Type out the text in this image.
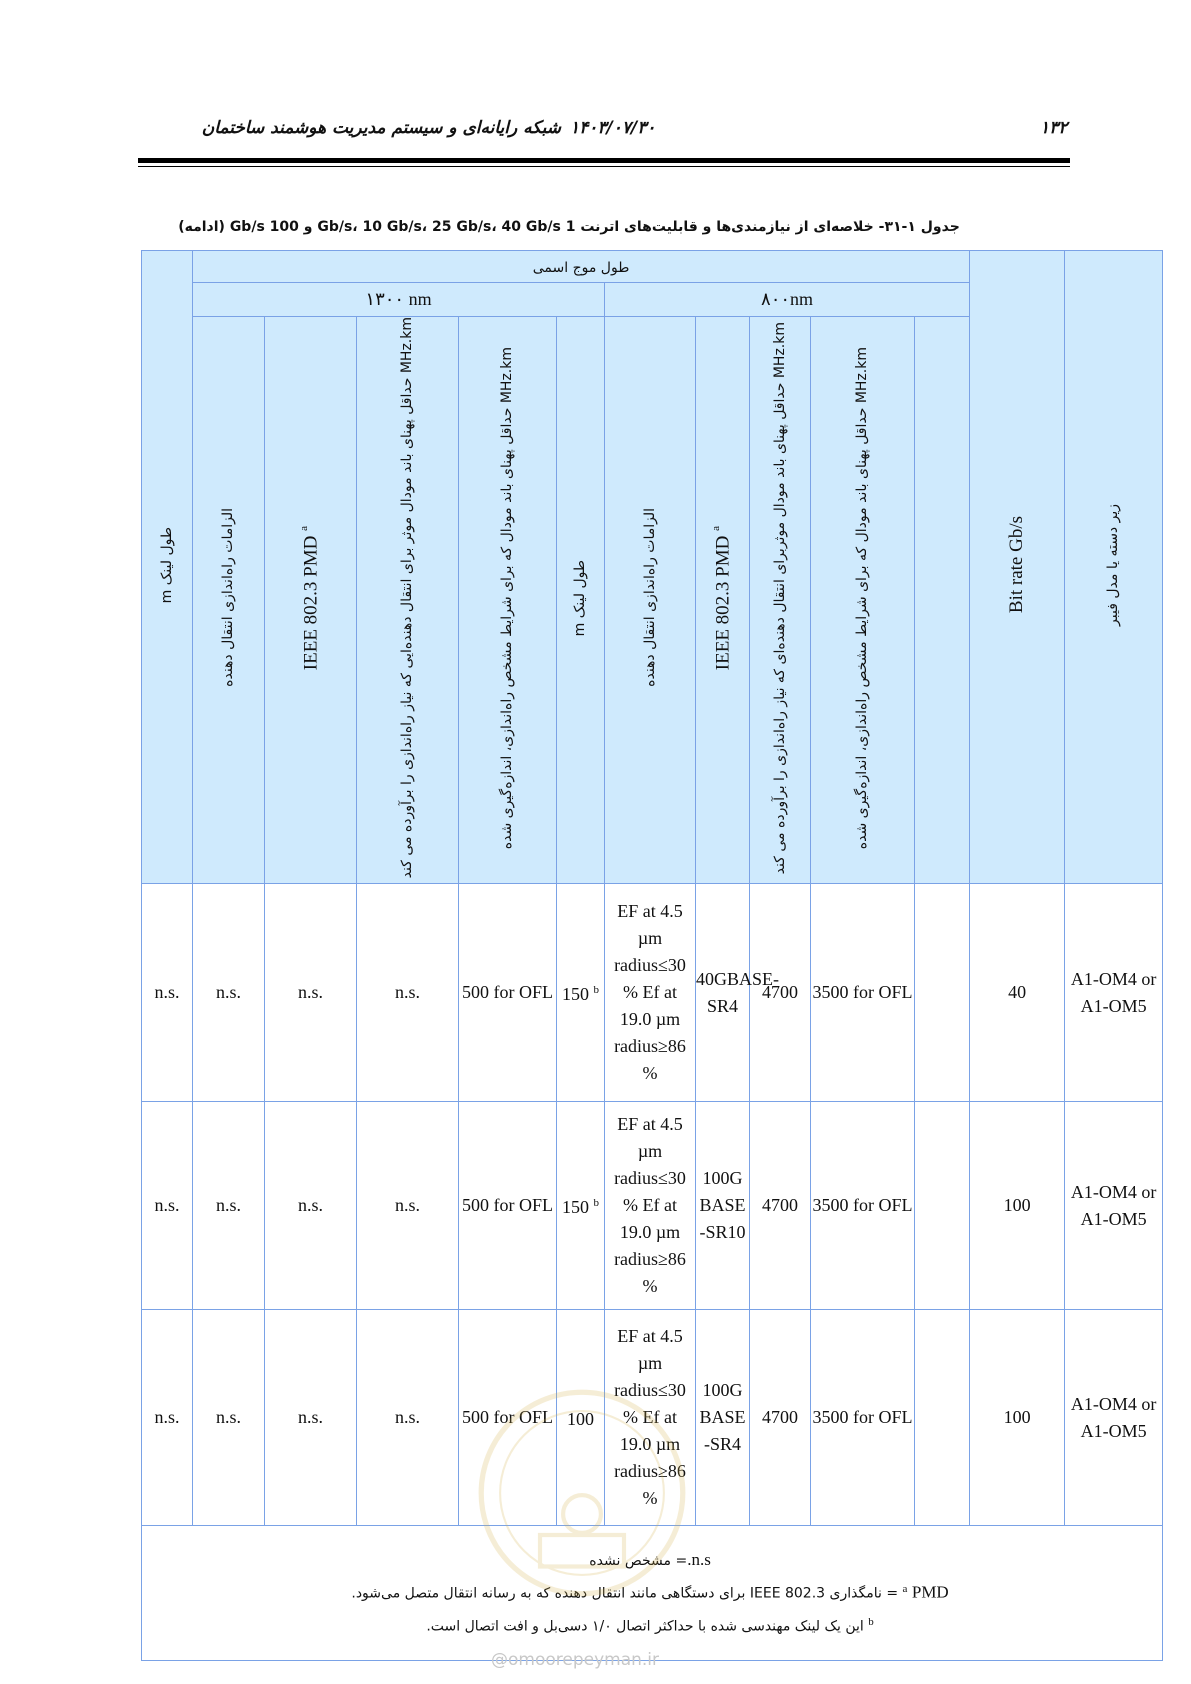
شبکه رایانه‌ای و سیستم مدیریت هوشمند ساختمان ۱۴۰۳/۰۷/۳۰	۱۳۲
جدول ۱-۳۱- خلاصه‌ای از نیازمندی‌ها و قابلیت‌های اترنت 1 Gb/s، 10 Gb/s، 25 Gb/s، 40 Gb/s و 100 Gb/s (ادامه)
m طول لینک	طول موج اسمی										Bit rate Gb/s	زیر دسته یا مدل فیبر
	۱۳۰۰ nm					۸۰۰nm						
	الزامات راه‌اندازی انتقال دهنده	IEEE 802.3 PMD $^a$	حداقل پهنای باند مودال موثر برای انتقال دهنده‌ایی که نیاز راه‌اندازی را برآورده می کند MHz.km	حداقل پهنای باند مودال که برای شرایط مشخص راه‌اندازی، اندازه‌گیری شده MHz.km	m طول لینک	الزامات راه‌اندازی انتقال دهنده	IEEE 802.3 PMD $^a$	حداقل پهنای باند مودال موثربرای انتقال دهنده‌ای که نیاز راه‌اندازی را برآورده می کند MHz.km	حداقل پهنای باند مودال که برای شرایط مشخص راه‌اندازی، اندازه‌گیری شده MHz.km			
n.s.	n.s.	n.s.	n.s.	500 for OFL	150 $^b$	EF at 4.5 µm radius≤30 % Ef at 19.0 µm radius≥86 %	40GBASE-SR4	4700	3500 for OFL		40	A1-OM4 or A1-OM5
n.s.	n.s.	n.s.	n.s.	500 for OFL	150 $^b$	EF at 4.5 µm radius≤30 % Ef at 19.0 µm radius≥86 %	100G BASE -SR10	4700	3500 for OFL		100	A1-OM4 or A1-OM5
n.s.	n.s.	n.s.	n.s.	500 for OFL	100	EF at 4.5 µm radius≤30 % Ef at 19.0 µm radius≥86 %	100G BASE -SR4	4700	3500 for OFL		100	A1-OM4 or A1-OM5

n.s.= مشخص نشده
$^a$ PMD = نامگذاری IEEE 802.3 برای دستگاهی مانند انتقال دهنده که به رسانه انتقال متصل می‌شود.
$^b$ این یک لینک مهندسی شده با حداکثر اتصال ۱/۰ دسی‌بل و افت اتصال است.												
@omoorepeyman.ir
